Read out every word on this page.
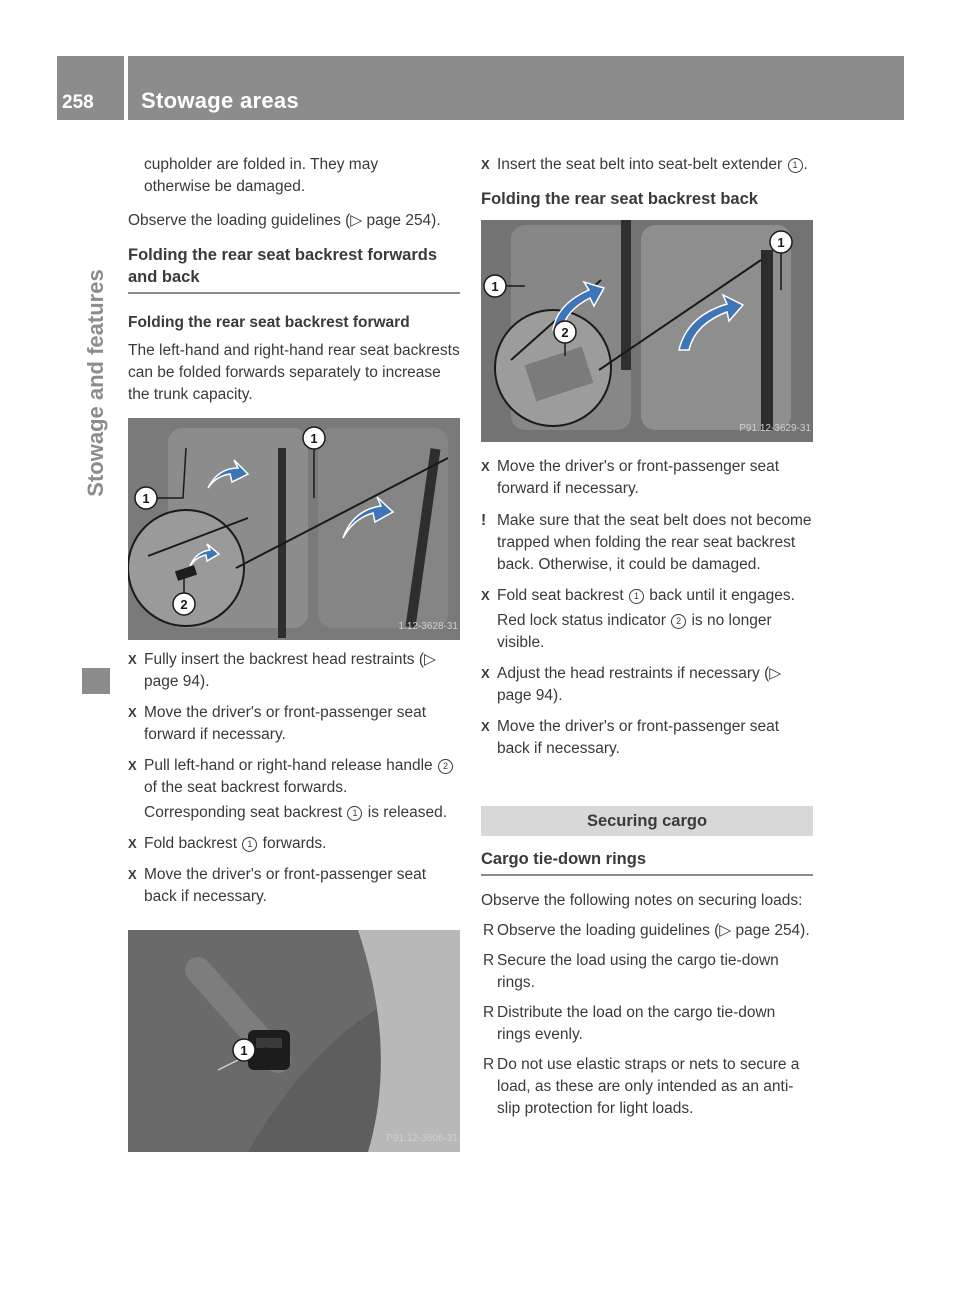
258	Stowage areas
Stowage and features

cupholder are folded in. They may

otherwise be damaged.

Observe the loading guidelines (▷ page 254).

Folding the rear seat backrest forwards and back
Folding the rear seat backrest forward

The left-hand and right-hand rear seat backrests can be folded forwards separately to increase the trunk capacity.

1
1
2
1.12-3628-31
X Fully insert the backrest head restraints (▷ page 94).
X Move the driver's or front-passenger seat forward if necessary.
X Pull left-hand or right-hand release handle 2 of the seat backrest forwards.
Corresponding seat backrest 1 is released.
X Fold backrest 1 forwards.
X Move the driver's or front-passenger seat back if necessary.
1
P91.12-3606-31
X Insert the seat belt into seat-belt extender 1 .
Folding the rear seat backrest back
1
1
2
P91.12-3629-31
X Move the driver's or front-passenger seat forward if necessary.
! Make sure that the seat belt does not become trapped when folding the rear seat backrest back. Otherwise, it could be damaged.
X Fold seat backrest 1 back until it engages.
Red lock status indicator 2 is no longer visible.
X Adjust the head restraints if necessary (▷ page 94).
X Move the driver's or front-passenger seat back if necessary.
Securing cargo
Cargo tie-down rings

Observe the following notes on securing loads:

R Observe the loading guidelines (▷ page 254).
R Secure the load using the cargo tie-down rings.
R Distribute the load on the cargo tie-down rings evenly.
R Do not use elastic straps or nets to secure a load, as these are only intended as an anti-slip protection for light loads.
